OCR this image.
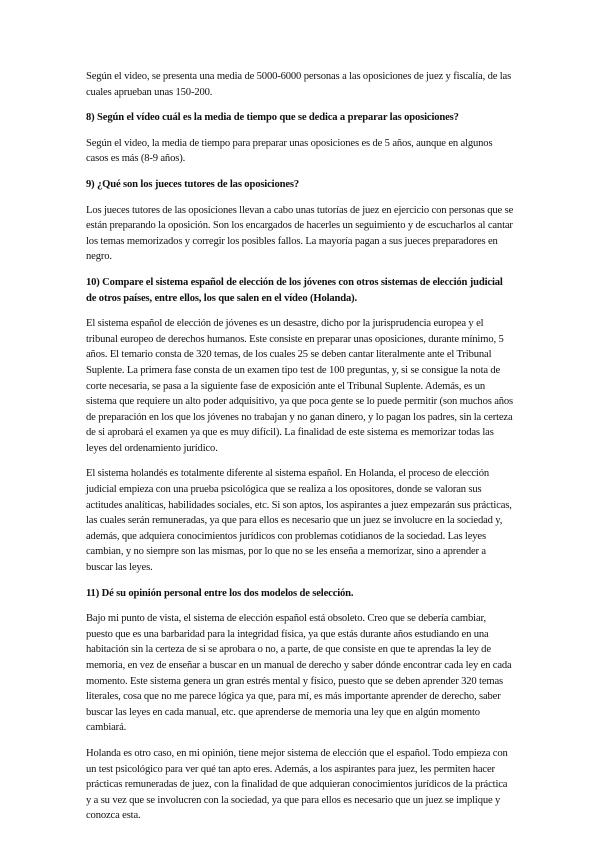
Según el video, se presenta una media de 5000-6000 personas a las oposiciones de juez y fiscalía, de las cuales aprueban unas 150-200.

8) Según el vídeo cuál es la media de tiempo que se dedica a preparar las oposiciones?

Según el video, la media de tiempo para preparar unas oposiciones es de 5 años, aunque en algunos casos es más (8-9 años).

9) ¿Qué son los jueces tutores de las oposiciones?

Los jueces tutores de las oposiciones llevan a cabo unas tutorías de juez en ejercicio con personas que se están preparando la oposición. Son los encargados de hacerles un seguimiento y de escucharlos al cantar los temas memorizados y corregir los posibles fallos. La mayoría pagan a sus jueces preparadores en negro.

10) Compare el sistema español de elección de los jóvenes con otros sistemas de elección judicial de otros países, entre ellos, los que salen en el vídeo (Holanda).

El sistema español de elección de jóvenes es un desastre, dicho por la jurisprudencia europea y el tribunal europeo de derechos humanos. Este consiste en preparar unas oposiciones, durante mínimo, 5 años. El temario consta de 320 temas, de los cuales 25 se deben cantar literalmente ante el Tribunal Suplente. La primera fase consta de un examen tipo test de 100 preguntas, y, si se consigue la nota de corte necesaria, se pasa a la siguiente fase de exposición ante el Tribunal Suplente. Además, es un sistema que requiere un alto poder adquisitivo, ya que poca gente se lo puede permitir (son muchos años de preparación en los que los jóvenes no trabajan y no ganan dinero, y lo pagan los padres, sin la certeza de si aprobará el examen ya que es muy difícil). La finalidad de este sistema es memorizar todas las leyes del ordenamiento jurídico.

El sistema holandés es totalmente diferente al sistema español. En Holanda, el proceso de elección judicial empieza con una prueba psicológica que se realiza a los opositores, donde se valoran sus actitudes analíticas, habilidades sociales, etc. Si son aptos, los aspirantes a juez empezarán sus prácticas, las cuales serán remuneradas, ya que para ellos es necesario que un juez se involucre en la sociedad y, además, que adquiera conocimientos jurídicos con problemas cotidianos de la sociedad. Las leyes cambian, y no siempre son las mismas, por lo que no se les enseña a memorizar, sino a aprender a buscar las leyes.

11) Dé su opinión personal entre los dos modelos de selección.

Bajo mi punto de vista, el sistema de elección español está obsoleto. Creo que se debería cambiar, puesto que es una barbaridad para la integridad física, ya que estás durante años estudiando en una habitación sin la certeza de si se aprobara o no, a parte, de que consiste en que te aprendas la ley de memoria, en vez de enseñar a buscar en un manual de derecho y saber dónde encontrar cada ley en cada momento. Este sistema genera un gran estrés mental y físico, puesto que se deben aprender 320 temas literales, cosa que no me parece lógica ya que, para mí, es más importante aprender de derecho, saber buscar las leyes en cada manual, etc. que aprenderse de memoria una ley que en algún momento cambiará.

Holanda es otro caso, en mi opinión, tiene mejor sistema de elección que el español. Todo empieza con un test psicológico para ver qué tan apto eres. Además, a los aspirantes para juez, les permiten hacer prácticas remuneradas de juez, con la finalidad de que adquieran conocimientos jurídicos de la práctica y a su vez que se involucren con la sociedad, ya que para ellos es necesario que un juez se implique y conozca esta.
